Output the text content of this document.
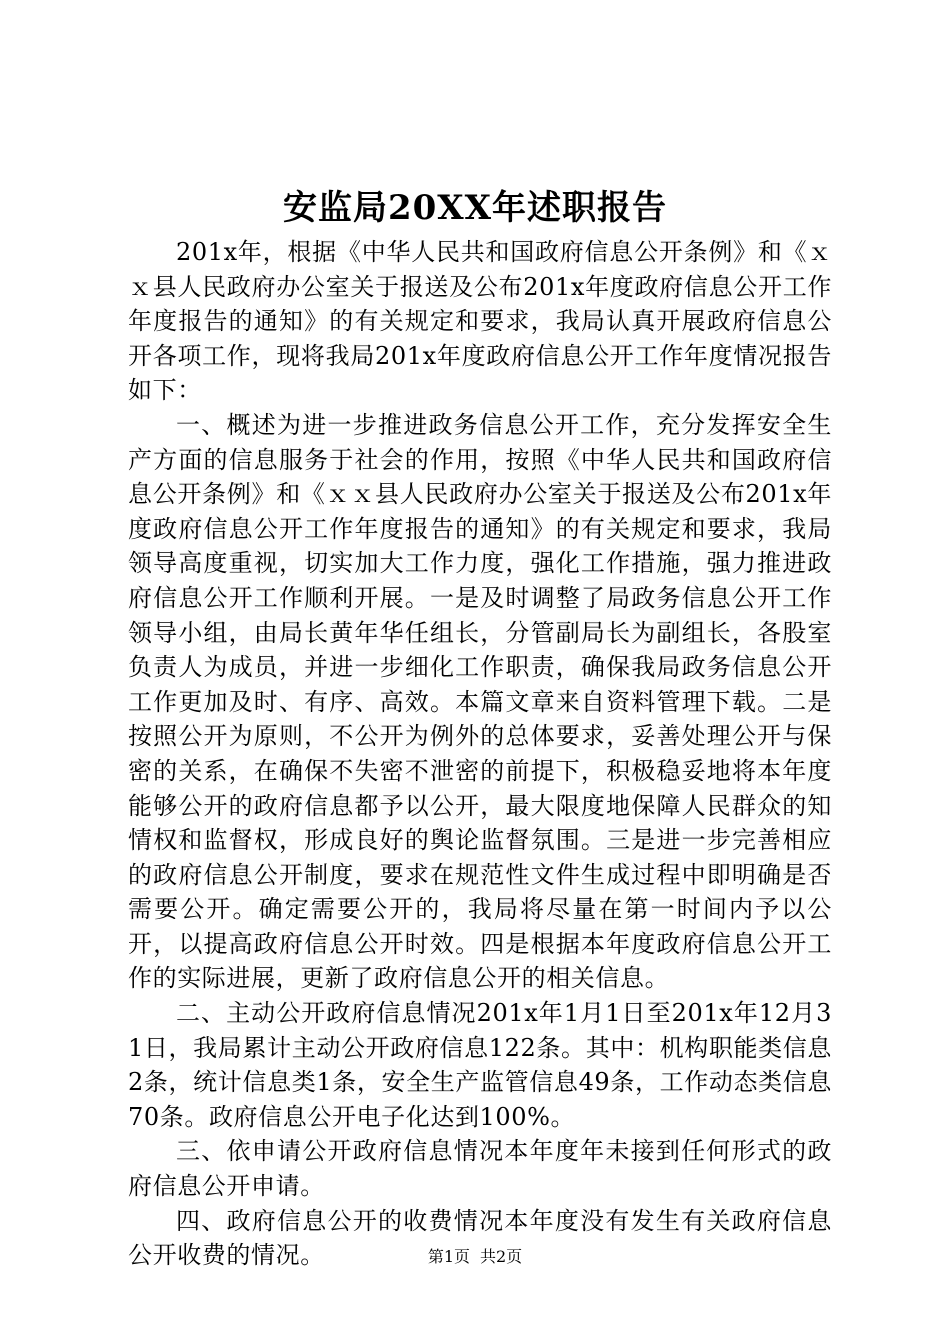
安监局20XX年述职报告

201x年，根据《中华人民共和国政府信息公开条例》和《ｘｘ县人民政府办公室关于报送及公布201x年度政府信息公开工作年度报告的通知》的有关规定和要求，我局认真开展政府信息公开各项工作，现将我局201x年度政府信息公开工作年度情况报告如下：

一、概述为进一步推进政务信息公开工作，充分发挥安全生产方面的信息服务于社会的作用，按照《中华人民共和国政府信息公开条例》和《ｘｘ县人民政府办公室关于报送及公布201x年度政府信息公开工作年度报告的通知》的有关规定和要求，我局领导高度重视，切实加大工作力度，强化工作措施，强力推进政府信息公开工作顺利开展。一是及时调整了局政务信息公开工作领导小组，由局长黄年华任组长，分管副局长为副组长，各股室负责人为成员，并进一步细化工作职责，确保我局政务信息公开工作更加及时、有序、高效。本篇文章来自资料管理下载。二是按照公开为原则，不公开为例外的总体要求，妥善处理公开与保密的关系，在确保不失密不泄密的前提下，积极稳妥地将本年度能够公开的政府信息都予以公开，最大限度地保障人民群众的知情权和监督权，形成良好的舆论监督氛围。三是进一步完善相应的政府信息公开制度，要求在规范性文件生成过程中即明确是否需要公开。确定需要公开的，我局将尽量在第一时间内予以公开，以提高政府信息公开时效。四是根据本年度政府信息公开工作的实际进展，更新了政府信息公开的相关信息。

二、主动公开政府信息情况201x年1月1日至201x年12月31日，我局累计主动公开政府信息122条。其中：机构职能类信息2条，统计信息类1条，安全生产监管信息49条，工作动态类信息70条。政府信息公开电子化达到100%。

三、依申请公开政府信息情况本年度年未接到任何形式的政府信息公开申请。

四、政府信息公开的收费情况本年度没有发生有关政府信息公开收费的情况。	第1页 共2页
